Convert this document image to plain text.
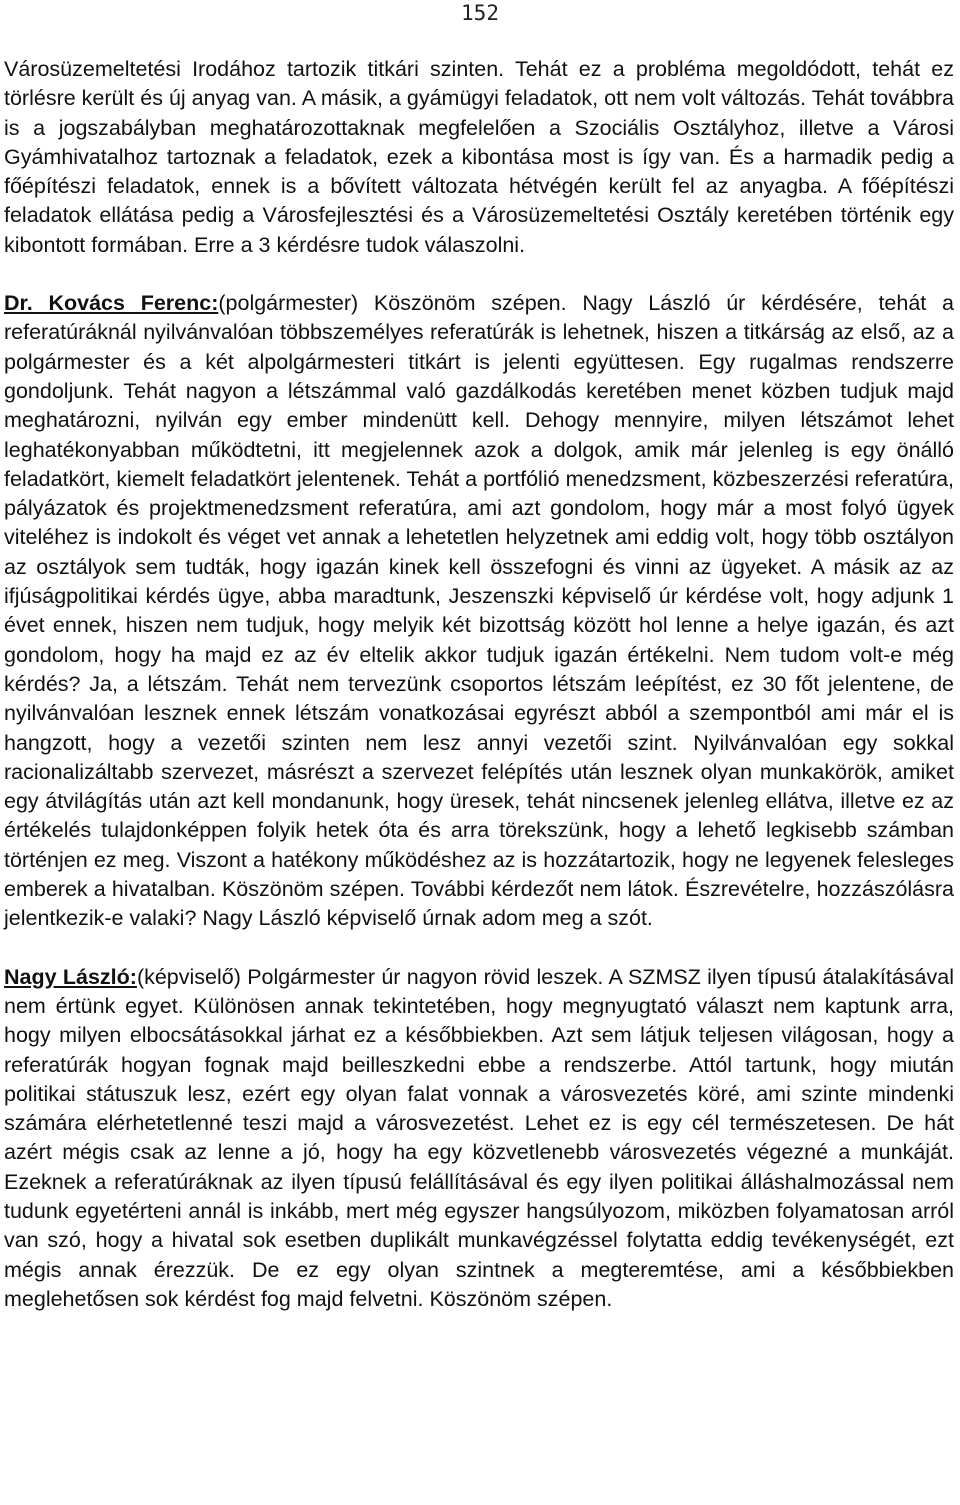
152

Városüzemeltetési Irodához tartozik titkári szinten. Tehát ez a probléma megoldódott, tehát ez törlésre került és új anyag van. A másik, a gyámügyi feladatok, ott nem volt változás. Tehát továbbra is a jogszabályban meghatározottaknak megfelelően a Szociális Osztályhoz, illetve a Városi Gyámhivatalhoz tartoznak a feladatok, ezek a kibontása most is így van. És a harmadik pedig a főépítészi feladatok, ennek is a bővített változata hétvégén került fel az anyagba. A főépítészi feladatok ellátása pedig a Városfejlesztési és a Városüzemeltetési Osztály keretében történik egy kibontott formában. Erre a 3 kérdésre tudok válaszolni.

Dr. Kovács Ferenc:(polgármester) Köszönöm szépen. Nagy László úr kérdésére, tehát a referatúráknál nyilvánvalóan többszemélyes referatúrák is lehetnek, hiszen a titkárság az első, az a polgármester és a két alpolgármesteri titkárt is jelenti együttesen. Egy rugalmas rendszerre gondoljunk. Tehát nagyon a létszámmal való gazdálkodás keretében menet közben tudjuk majd meghatározni, nyilván egy ember mindenütt kell. Dehogy mennyire, milyen létszámot lehet leghatékonyabban működtetni, itt megjelennek azok a dolgok, amik már jelenleg is egy önálló feladatkört, kiemelt feladatkört jelentenek. Tehát a portfólió menedzsment, közbeszerzési referatúra, pályázatok és projektmenedzsment referatúra, ami azt gondolom, hogy már a most folyó ügyek viteléhez is indokolt és véget vet annak a lehetetlen helyzetnek ami eddig volt, hogy több osztályon az osztályok sem tudták, hogy igazán kinek kell összefogni és vinni az ügyeket. A másik az az ifjúságpolitikai kérdés ügye, abba maradtunk, Jeszenszki képviselő úr kérdése volt, hogy adjunk 1 évet ennek, hiszen nem tudjuk, hogy melyik két bizottság között hol lenne a helye igazán, és azt gondolom, hogy ha majd ez az év eltelik akkor tudjuk igazán értékelni. Nem tudom volt-e még kérdés? Ja, a létszám. Tehát nem tervezünk csoportos létszám leépítést, ez 30 főt jelentene, de nyilvánvalóan lesznek ennek létszám vonatkozásai egyrészt abból a szempontból ami már el is hangzott, hogy a vezetői szinten nem lesz annyi vezetői szint. Nyilvánvalóan egy sokkal racionalizáltabb szervezet, másrészt a szervezet felépítés után lesznek olyan munkakörök, amiket egy átvilágítás után azt kell mondanunk, hogy üresek, tehát nincsenek jelenleg ellátva, illetve ez az értékelés tulajdonképpen folyik hetek óta és arra törekszünk, hogy a lehető legkisebb számban történjen ez meg. Viszont a hatékony működéshez az is hozzátartozik, hogy ne legyenek felesleges emberek a hivatalban. Köszönöm szépen. További kérdezőt nem látok. Észrevételre, hozzászólásra jelentkezik-e valaki? Nagy László képviselő úrnak adom meg a szót.

Nagy László:(képviselő) Polgármester úr nagyon rövid leszek. A SZMSZ ilyen típusú átalakításával nem értünk egyet. Különösen annak tekintetében, hogy megnyugtató választ nem kaptunk arra, hogy milyen elbocsátásokkal járhat ez a későbbiekben. Azt sem látjuk teljesen világosan, hogy a referatúrák hogyan fognak majd beilleszkedni ebbe a rendszerbe. Attól tartunk, hogy miután politikai státuszuk lesz, ezért egy olyan falat vonnak a városvezetés köré, ami szinte mindenki számára elérhetetlenné teszi majd a városvezetést. Lehet ez is egy cél természetesen. De hát azért mégis csak az lenne a jó, hogy ha egy közvetlenebb városvezetés végezné a munkáját. Ezeknek a referatúráknak az ilyen típusú felállításával és egy ilyen politikai álláshalmozással nem tudunk egyetérteni annál is inkább, mert még egyszer hangsúlyozom, miközben folyamatosan arról van szó, hogy a hivatal sok esetben duplikált munkavégzéssel folytatta eddig tevékenységét, ezt mégis annak érezzük. De ez egy olyan szintnek a megteremtése, ami a későbbiekben meglehetősen sok kérdést fog majd felvetni. Köszönöm szépen.
